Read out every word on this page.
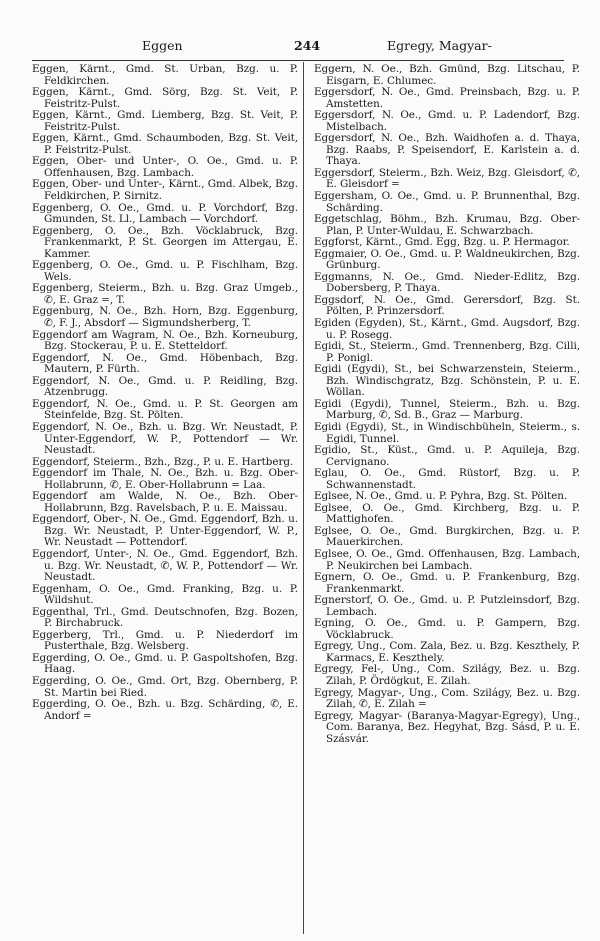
Eggen	244	Egregy, Magyar-

Eggen, Kärnt., Gmd. St. Urban, Bzg. u. P. Feldkirchen.

Eggen, Kärnt., Gmd. Sörg, Bzg. St. Veit, P. Feistritz-Pulst.

Eggen, Kärnt., Gmd. Liemberg, Bzg. St. Veit, P. Feistritz-Pulst.

Eggen, Kärnt., Gmd. Schaumboden, Bzg. St. Veit, P. Feistritz-Pulst.

Eggen, Ober- und Unter-, O. Oe., Gmd. u. P. Offenhausen, Bzg. Lambach.

Eggen, Ober- und Unter-, Kärnt., Gmd. Albek, Bzg. Feldkirchen, P. Sirnitz.

Eggenberg, O. Oe., Gmd. u. P. Vorchdorf, Bzg. Gmunden, St. Ll., Lambach — Vorchdorf.

Eggenberg, O. Oe., Bzh. Vöcklabruck, Bzg. Frankenmarkt, P. St. Georgen im Attergau, E. Kammer.

Eggenberg, O. Oe., Gmd. u. P. Fischlham, Bzg. Wels.

Eggenberg, Steierm., Bzh. u. Bzg. Graz Umgeb., ✆, E. Graz =, T.

Eggenburg, N. Oe., Bzh. Horn, Bzg. Eggenburg, ✆, F. J., Absdorf — Sigmundsherberg, T.

Eggendorf am Wagram, N. Oe., Bzh. Korneuburg, Bzg. Stockerau, P. u. E. Stetteldorf.

Eggendorf, N. Oe., Gmd. Höbenbach, Bzg. Mautern, P. Fürth.

Eggendorf, N. Oe., Gmd. u. P. Reidling, Bzg. Atzenbrugg.

Eggendorf, N. Oe., Gmd. u. P. St. Georgen am Steinfelde, Bzg. St. Pölten.

Eggendorf, N. Oe., Bzh. u. Bzg. Wr. Neustadt, P. Unter-Eggendorf, W. P., Pottendorf — Wr. Neustadt.

Eggendorf, Steierm., Bzh., Bzg., P. u. E. Hartberg.

Eggendorf im Thale, N. Oe., Bzh. u. Bzg. Ober-Hollabrunn, ✆, E. Ober-Hollabrunn = Laa.

Eggendorf am Walde, N. Oe., Bzh. Ober-Hollabrunn, Bzg. Ravelsbach, P. u. E. Maissau.

Eggendorf, Ober-, N. Oe., Gmd. Eggendorf, Bzh. u. Bzg. Wr. Neustadt, P. Unter-Eggendorf, W. P., Wr. Neustadt — Pottendorf.

Eggendorf, Unter-, N. Oe., Gmd. Eggendorf, Bzh. u. Bzg. Wr. Neustadt, ✆, W. P., Pottendorf — Wr. Neustadt.

Eggenham, O. Oe., Gmd. Franking, Bzg. u. P. Wildshut.

Eggenthal, Trl., Gmd. Deutschnofen, Bzg. Bozen, P. Birchabruck.

Eggerberg, Trl., Gmd. u. P. Niederdorf im Pusterthale, Bzg. Welsberg.

Eggerding, O. Oe., Gmd. u. P. Gaspoltshofen, Bzg. Haag.

Eggerding, O. Oe., Gmd. Ort, Bzg. Obernberg, P. St. Martin bei Ried.

Eggerding, O. Oe., Bzh. u. Bzg. Schärding, ✆, E. Andorf =

Eggern, N. Oe., Bzh. Gmünd, Bzg. Litschau, P. Eisgarn, E. Chlumec.

Eggersdorf, N. Oe., Gmd. Preinsbach, Bzg. u. P. Amstetten.

Eggersdorf, N. Oe., Gmd. u. P. Ladendorf, Bzg. Mistelbach.

Eggersdorf, N. Oe., Bzh. Waidhofen a. d. Thaya, Bzg. Raabs, P. Speisendorf, E. Karlstein a. d. Thaya.

Eggersdorf, Steierm., Bzh. Weiz, Bzg. Gleisdorf, ✆, E. Gleisdorf =

Eggersham, O. Oe., Gmd. u. P. Brunnenthal, Bzg. Schärding.

Eggetschlag, Böhm., Bzh. Krumau, Bzg. Ober-Plan, P. Unter-Wuldau, E. Schwarzbach.

Eggforst, Kärnt., Gmd. Egg, Bzg. u. P. Hermagor.

Eggmaier, O. Oe., Gmd. u. P. Waldneukirchen, Bzg. Grünburg.

Eggmanns, N. Oe., Gmd. Nieder-Edlitz, Bzg. Dobersberg, P. Thaya.

Eggsdorf, N. Oe., Gmd. Gerersdorf, Bzg. St. Pölten, P. Prinzersdorf.

Egiden (Egyden), St., Kärnt., Gmd. Augsdorf, Bzg. u. P. Rosegg.

Egidi, St., Steierm., Gmd. Trennenberg, Bzg. Cilli, P. Ponigl.

Egidi (Egydi), St., bei Schwarzenstein, Steierm., Bzh. Windischgratz, Bzg. Schönstein, P. u. E. Wöllan.

Egidi (Egydi), Tunnel, Steierm., Bzh. u. Bzg. Marburg, ✆, Sd. B., Graz — Marburg.

Egidi (Egydi), St., in Windischbüheln, Steierm., s. Egidi, Tunnel.

Egidio, St., Küst., Gmd. u. P. Aquileja, Bzg. Cervignano.

Eglau, O. Oe., Gmd. Rüstorf, Bzg. u. P. Schwannenstadt.

Eglsee, N. Oe., Gmd. u. P. Pyhra, Bzg. St. Pölten.

Eglsee, O. Oe., Gmd. Kirchberg, Bzg. u. P. Mattighofen.

Eglsee, O. Oe., Gmd. Burgkirchen, Bzg. u. P. Mauerkirchen.

Eglsee, O. Oe., Gmd. Offenhausen, Bzg. Lambach, P. Neukirchen bei Lambach.

Egnern, O. Oe., Gmd. u. P. Frankenburg, Bzg. Frankenmarkt.

Egnerstorf, O. Oe., Gmd. u. P. Putzleinsdorf, Bzg. Lembach.

Egning, O. Oe., Gmd. u. P. Gampern, Bzg. Vöcklabruck.

Egregy, Ung., Com. Zala, Bez. u. Bzg. Keszthely, P. Karmacs, E. Keszthely.

Egregy, Fel-, Ung., Com. Szilágy, Bez. u. Bzg. Zilah, P. Ördögkut, E. Zilah.

Egregy, Magyar-, Ung., Com. Szilágy, Bez. u. Bzg. Zilah, ✆, E. Zilah =

Egregy, Magyar- (Baranya-Magyar-Egregy), Ung., Com. Baranya, Bez. Hegyhat, Bzg. Sásd, P. u. E. Szásvár.
